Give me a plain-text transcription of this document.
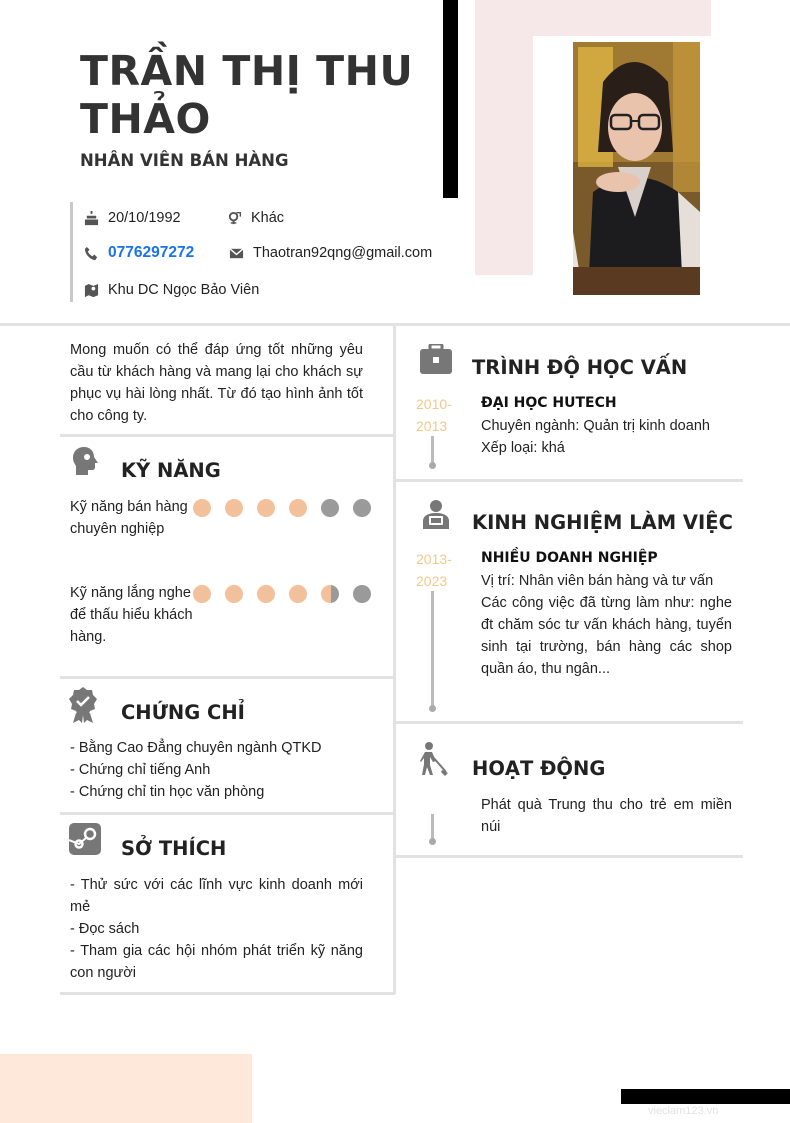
vieclam123.vn
TRẦN THỊ THU THẢO
NHÂN VIÊN BÁN HÀNG
20/10/1992	Khác
0776297272	Thaotran92qng@gmail.com
Khu DC Ngọc Bảo Viên
Mong muốn có thể đáp ứng tốt những yêu cầu từ khách hàng và mang lại cho khách sự phục vụ hài lòng nhất. Từ đó tạo hình ảnh tốt cho công ty.
KỸ NĂNG
Kỹ năng bán hàng chuyên nghiệp
Kỹ năng lắng nghe để thấu hiểu khách hàng.
CHỨNG CHỈ
- Bằng Cao Đẳng chuyên ngành QTKD
- Chứng chỉ tiếng Anh
- Chứng chỉ tin học văn phòng
SỞ THÍCH
- Thử sức với các lĩnh vực kinh doanh mới mẻ
- Đọc sách
- Tham gia các hội nhóm phát triển kỹ năng con người
TRÌNH ĐỘ HỌC VẤN
2010-
2013
ĐẠI HỌC HUTECH
Chuyên ngành: Quản trị kinh doanh
Xếp loại: khá
KINH NGHIỆM LÀM VIỆC
2013-
2023
NHIỀU DOANH NGHIỆP
Vị trí: Nhân viên bán hàng và tư vấn
Các công việc đã từng làm như: nghe đt chăm sóc tư vấn khách hàng, tuyển sinh tại trường, bán hàng các shop quần áo, thu ngân...
HOẠT ĐỘNG
Phát quà Trung thu cho trẻ em miền núi
